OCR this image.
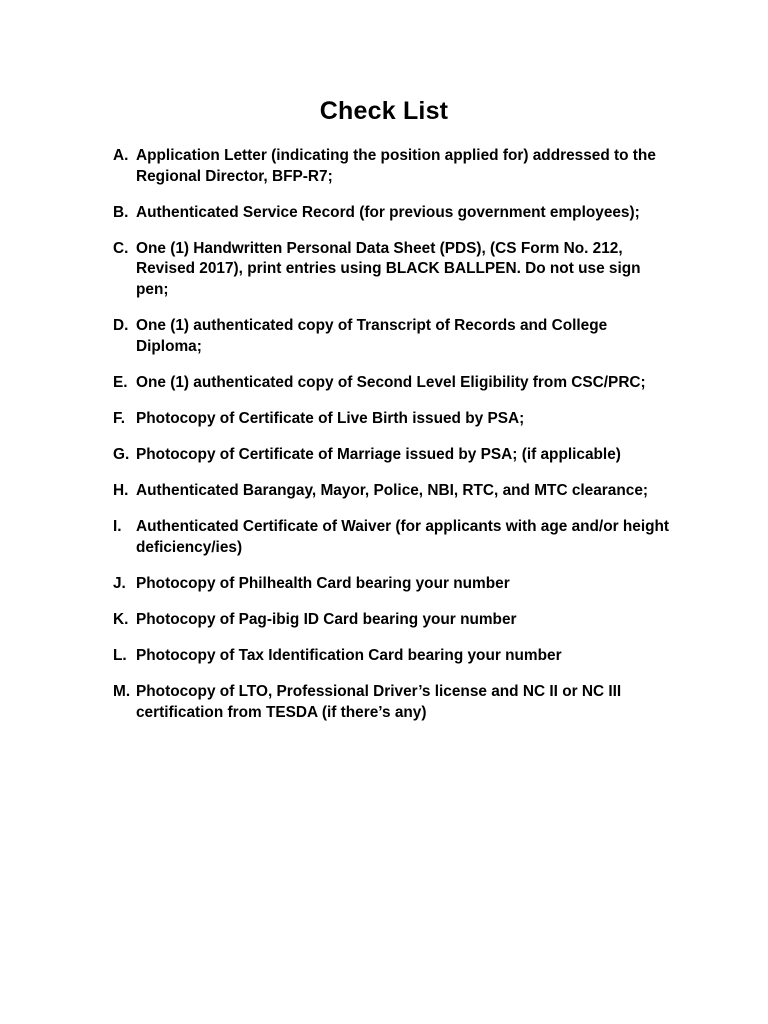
Check List
A. Application Letter (indicating the position applied for) addressed to the Regional Director, BFP-R7;
B. Authenticated Service Record (for previous government employees);
C. One (1) Handwritten Personal Data Sheet (PDS), (CS Form No. 212, Revised 2017), print entries using BLACK BALLPEN. Do not use sign pen;
D. One (1) authenticated copy of Transcript of Records and College Diploma;
E. One (1) authenticated copy of Second Level Eligibility from CSC/PRC;
F. Photocopy of Certificate of Live Birth issued by PSA;
G. Photocopy of Certificate of Marriage issued by PSA; (if applicable)
H. Authenticated Barangay, Mayor, Police, NBI, RTC, and MTC clearance;
I. Authenticated Certificate of Waiver (for applicants with age and/or height deficiency/ies)
J. Photocopy of Philhealth Card bearing your number
K. Photocopy of Pag-ibig ID Card bearing your number
L. Photocopy of Tax Identification Card bearing your number
M. Photocopy of LTO, Professional Driver’s license and NC II or NC III certification from TESDA (if there’s any)
